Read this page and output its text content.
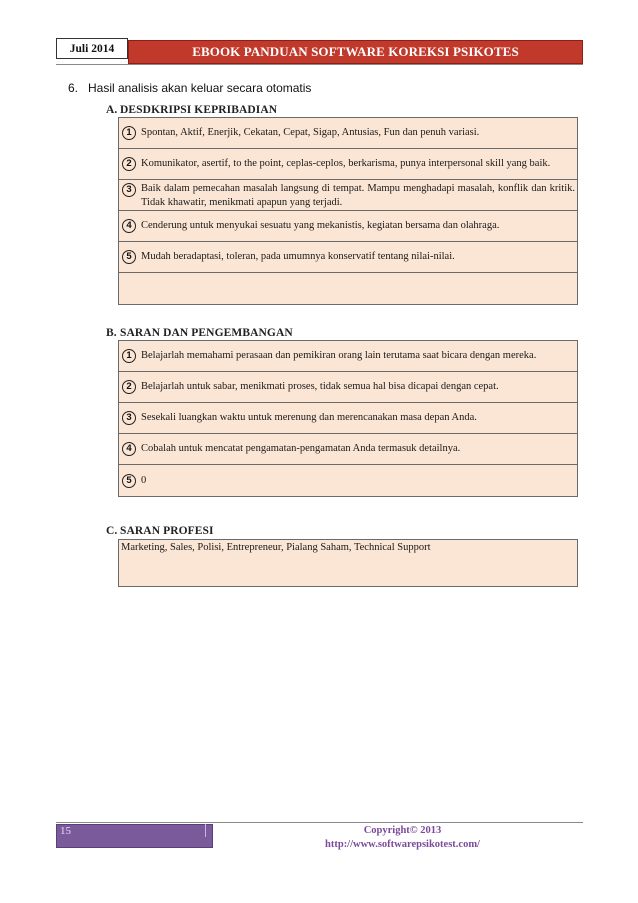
Juli 2014	EBOOK PANDUAN SOFTWARE KOREKSI PSIKOTES
6. Hasil analisis akan keluar secara otomatis
A. DESDKRIPSI KEPRIBADIAN
1 Spontan, Aktif, Enerjik, Cekatan, Cepat, Sigap, Antusias, Fun dan penuh variasi.
2 Komunikator, asertif, to the point, ceplas-ceplos, berkarisma, punya interpersonal skill yang baik.
3 Baik dalam pemecahan masalah langsung di tempat. Mampu menghadapi masalah, konflik dan kritik. Tidak khawatir, menikmati apapun yang terjadi.
4 Cenderung untuk menyukai sesuatu yang mekanistis, kegiatan bersama dan olahraga.
5 Mudah beradaptasi, toleran, pada umumnya konservatif tentang nilai-nilai.
B. SARAN DAN PENGEMBANGAN
1 Belajarlah memahami perasaan dan pemikiran orang lain terutama saat bicara dengan mereka.
2 Belajarlah untuk sabar, menikmati proses, tidak semua hal bisa dicapai dengan cepat.
3 Sesekali luangkan waktu untuk merenung dan merencanakan masa depan Anda.
4 Cobalah untuk mencatat pengamatan-pengamatan Anda termasuk detailnya.
5 0
C. SARAN PROFESI
Marketing, Sales, Polisi, Entrepreneur, Pialang Saham, Technical Support
15	Copyright© 2013
http://www.softwarepsikotest.com/
